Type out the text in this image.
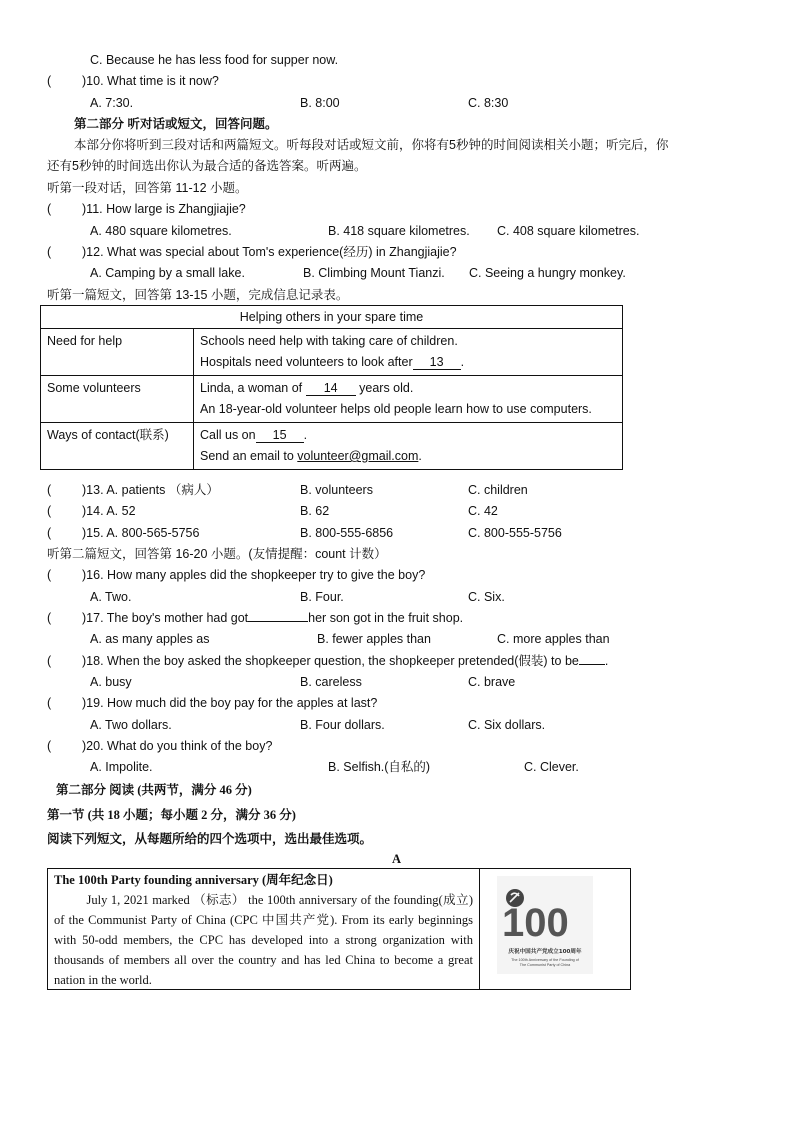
C. Because he has less food for supper now.
( )10. What time is it now?
A. 7:30.	B. 8:00	C. 8:30
第二部分 听对话或短文，回答问题。
本部分你将听到三段对话和两篇短文。听每段对话或短文前，你将有5秒钟的时间阅读相关小题；听完后，你
还有5秒钟的时间选出你认为最合适的备选答案。听两遍。
听第一段对话，回答第 11-12 小题。
( )11. How large is Zhangjiajie?
A. 480 square kilometres.	B. 418 square kilometres. C. 408 square kilometres.
( )12. What was special about Tom's experience(经历) in Zhangjiajie?
A. Camping by a small lake.	B. Climbing Mount Tianzi. C. Seeing a hungry monkey.
听第一篇短文，回答第 13-15 小题，完成信息记录表。
Helping others in your spare time	
Need for help	Schools need help with taking care of children.
Hospitals need volunteers to look after 13 .

Some volunteers	Linda, a woman of 14 years old.
An 18-year-old volunteer helps old people learn how to use computers.

Ways of contact(联系)	Call us on 15 .
Send an email to volunteer@gmail.com.
( )13. A. patients （病人）	B. volunteers	C. children
( )14. A. 52	B. 62	C. 42
( )15. A. 800-565-5756	B. 800-555-6856	C. 800-555-5756
听第二篇短文，回答第 16-20 小题。(友情提醒：count 计数）
( )16. How many apples did the shopkeeper try to give the boy?
A. Two.	B. Four.	C. Six.
( )17. The boy's mother had got	her son got in the fruit shop.
A. as many apples as	B. fewer apples than	C. more apples than
( )18. When the boy asked the shopkeeper question, the shopkeeper pretended(假装) to be .
A. busy	B. careless	C. brave
( )19. How much did the boy pay for the apples at last?
A. Two dollars.	B. Four dollars.	C. Six dollars.
( )20. What do you think of the boy?
A. Impolite.	B. Selfish.(自私的)	C. Clever.
第二部分 阅读 (共两节，满分 46 分)
第一节 (共 18 小题；每小题 2 分，满分 36 分)
阅读下列短文，从每题所给的四个选项中，选出最佳选项。
A
The 100th Party founding anniversary (周年纪念日)

July 1, 2021 marked （标志） the 100th anniversary of the founding(成立) of the Communist Party of China (CPC 中国共产党). From its early beginnings with 50-odd members, the CPC has developed into a strong organization with thousands of members all over the country and has led China to become a great nation in the world.

100
庆祝中国共产党成立100周年
The 100th Anniversary of the Founding of
The Communist Party of China
